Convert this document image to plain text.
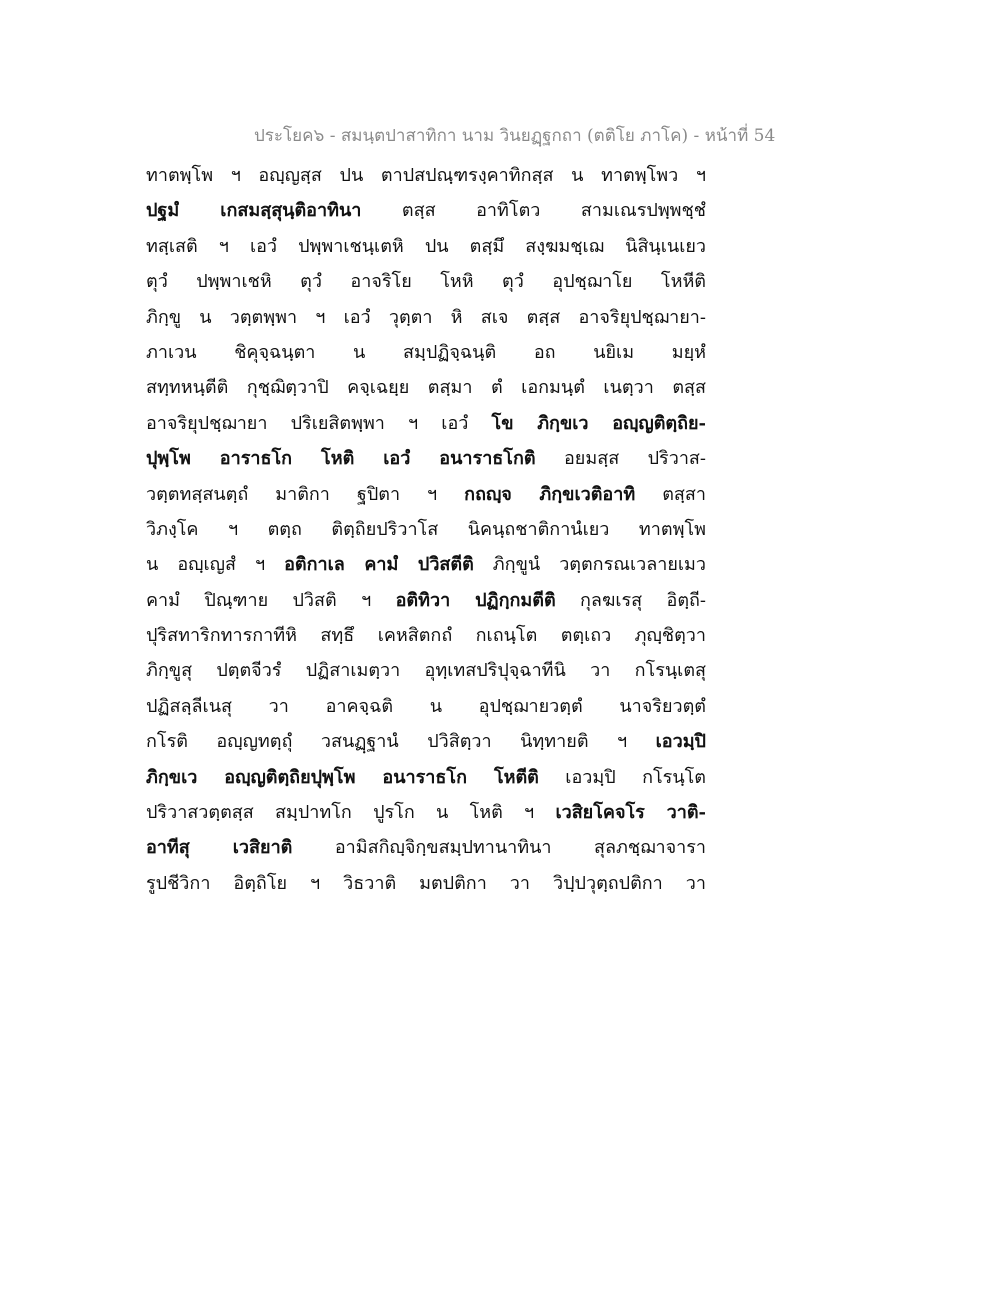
ประโยค๖ - สมนฺตปาสาทิกา นาม วินยฏฺฐกถา (ตติโย ภาโค) - หน้าที่ 54
ทาตพฺโพ ฯ อญฺญสฺส ปน ตาปสปณฺฑรงฺคาทิกสฺส น ทาตพฺโพว ฯ
ปฐมํ เกสมสฺสุนฺติอาทินา ตสฺส อาทิโตว สามเณรปพฺพชฺชํ
ทสฺเสติ ฯ เอวํ ปพฺพาเชนฺเตหิ ปน ตสฺมึ สงฺฆมชฺเฌ นิสินฺเนเยว
ตุวํ ปพฺพาเชหิ ตุวํ อาจริโย โหหิ ตุวํ อุปชฺฌาโย โหหีติ
ภิกฺขู น วตฺตพฺพา ฯ เอวํ วุตฺตา หิ สเจ ตสฺส อาจริยุปชฺฌายา-
ภาเวน ชิคุจฺฉนฺตา น สมฺปฏิจฺฉนฺติ อถ นยิเม มยฺหํ
สทฺทหนฺตีติ กุชฺฌิตฺวาปิ คจฺเฉยฺย ตสฺมา ตํ เอกมนฺตํ เนตฺวา ตสฺส
อาจริยุปชฺฌายา ปริเยสิตพฺพา ฯ เอวํ โข ภิกฺขเว อญฺญติตฺถิย-
ปุพฺโพ อาราธโก โหติ เอวํ อนาราธโกติ อยมสฺส ปริวาส-
วตฺตทสฺสนตฺถํ มาติกา ฐปิตา ฯ กถญฺจ ภิกฺขเวติอาทิ ตสฺสา
วิภงฺโค ฯ ตตฺถ ติตฺถิยปริวาโส นิคนฺถชาติกานํเยว ทาตพฺโพ
น อญฺเญสํ ฯ อติกาเล คามํ ปวิสตีติ ภิกฺขูนํ วตฺตกรณเวลายเมว
คามํ ปิณฺฑาย ปวิสติ ฯ อติทิวา ปฏิกฺกมตีติ กุลฆเรสุ อิตฺถี-
ปุริสทาริกทารกาทีหิ สทฺธึ เคหสิตกถํ กเถนฺโต ตตฺเถว ภุญฺชิตฺวา
ภิกฺขูสุ ปตฺตจีวรํ ปฏิสาเมตฺวา อุทฺเทสปริปุจฺฉาทีนิ วา กโรนฺเตสุ
ปฏิสลฺลีเนสุ วา อาคจฺฉติ น อุปชฺฌายวตฺตํ นาจริยวตฺตํ
กโรติ อญฺญทตฺถุํ วสนฏฺฐานํ ปวิสิตฺวา นิทฺทายติ ฯ เอวมฺปิ
ภิกฺขเว อญฺญติตฺถิยปุพฺโพ อนาราธโก โหตีติ เอวมฺปิ กโรนฺโต
ปริวาสวตฺตสฺส สมฺปาทโก ปูรโก น โหติ ฯ เวสิยโคจโร วาติ-
อาทีสุ เวสิยาติ อามิสกิญฺจิกฺขสมฺปทานาทินา สุลภชฺฌาจารา
รูปชีวิกา อิตฺถิโย ฯ วิธวาติ มตปติกา วา วิปฺปวุตฺถปติกา วา
